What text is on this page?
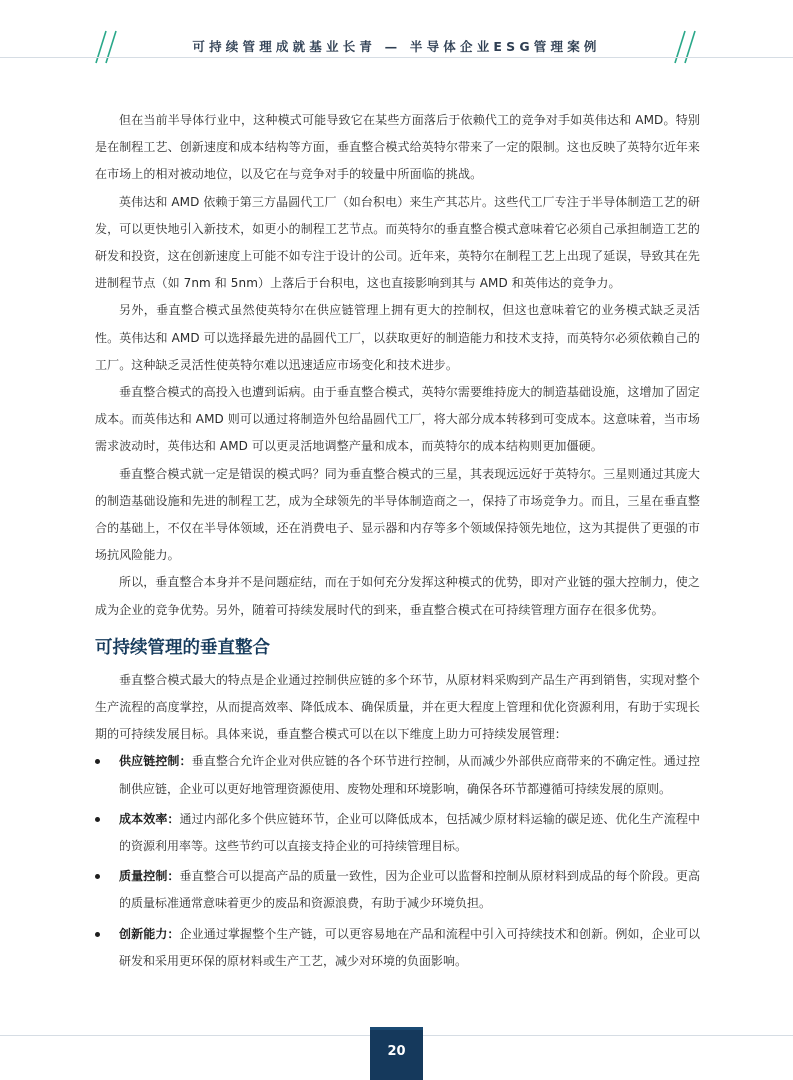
可持续管理成就基业长青 — 半导体企业ESG管理案例

但在当前半导体行业中，这种模式可能导致它在某些方面落后于依赖代工的竞争对手如英伟达和 AMD。特别是在制程工艺、创新速度和成本结构等方面，垂直整合模式给英特尔带来了一定的限制。这也反映了英特尔近年来在市场上的相对被动地位，以及它在与竞争对手的较量中所面临的挑战。

英伟达和 AMD 依赖于第三方晶圆代工厂（如台积电）来生产其芯片。这些代工厂专注于半导体制造工艺的研发，可以更快地引入新技术，如更小的制程工艺节点。而英特尔的垂直整合模式意味着它必须自己承担制造工艺的研发和投资，这在创新速度上可能不如专注于设计的公司。近年来，英特尔在制程工艺上出现了延误，导致其在先进制程节点（如 7nm 和 5nm）上落后于台积电，这也直接影响到其与 AMD 和英伟达的竞争力。

另外，垂直整合模式虽然使英特尔在供应链管理上拥有更大的控制权，但这也意味着它的业务模式缺乏灵活性。英伟达和 AMD 可以选择最先进的晶圆代工厂，以获取更好的制造能力和技术支持，而英特尔必须依赖自己的工厂。这种缺乏灵活性使英特尔难以迅速适应市场变化和技术进步。

垂直整合模式的高投入也遭到诟病。由于垂直整合模式，英特尔需要维持庞大的制造基础设施，这增加了固定成本。而英伟达和 AMD 则可以通过将制造外包给晶圆代工厂，将大部分成本转移到可变成本。这意味着，当市场需求波动时，英伟达和 AMD 可以更灵活地调整产量和成本，而英特尔的成本结构则更加僵硬。

垂直整合模式就一定是错误的模式吗？同为垂直整合模式的三星，其表现远远好于英特尔。三星则通过其庞大的制造基础设施和先进的制程工艺，成为全球领先的半导体制造商之一，保持了市场竞争力。而且，三星在垂直整合的基础上，不仅在半导体领域，还在消费电子、显示器和内存等多个领域保持领先地位，这为其提供了更强的市场抗风险能力。

所以，垂直整合本身并不是问题症结，而在于如何充分发挥这种模式的优势，即对产业链的强大控制力，使之成为企业的竞争优势。另外，随着可持续发展时代的到来，垂直整合模式在可持续管理方面存在很多优势。

可持续管理的垂直整合

垂直整合模式最大的特点是企业通过控制供应链的多个环节，从原材料采购到产品生产再到销售，实现对整个生产流程的高度掌控，从而提高效率、降低成本、确保质量，并在更大程度上管理和优化资源利用，有助于实现长期的可持续发展目标。具体来说，垂直整合模式可以在以下维度上助力可持续发展管理：

供应链控制：垂直整合允许企业对供应链的各个环节进行控制，从而减少外部供应商带来的不确定性。通过控制供应链，企业可以更好地管理资源使用、废物处理和环境影响，确保各环节都遵循可持续发展的原则。
成本效率：通过内部化多个供应链环节，企业可以降低成本，包括减少原材料运输的碳足迹、优化生产流程中的资源利用率等。这些节约可以直接支持企业的可持续管理目标。
质量控制：垂直整合可以提高产品的质量一致性，因为企业可以监督和控制从原材料到成品的每个阶段。更高的质量标准通常意味着更少的废品和资源浪费，有助于减少环境负担。
创新能力：企业通过掌握整个生产链，可以更容易地在产品和流程中引入可持续技术和创新。例如，企业可以研发和采用更环保的原材料或生产工艺，减少对环境的负面影响。
20
